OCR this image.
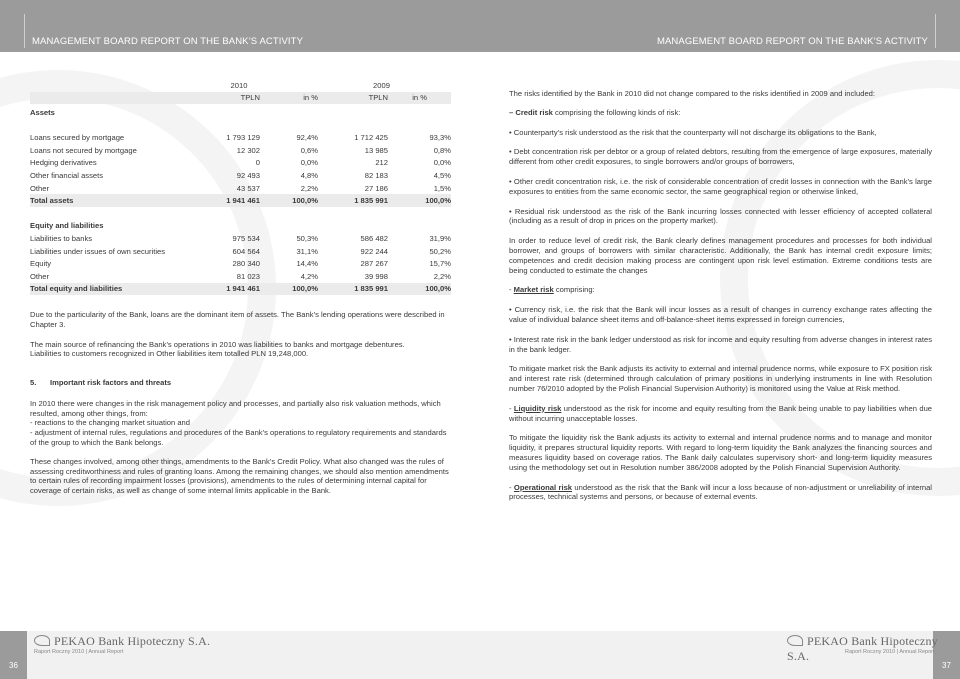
MANAGEMENT BOARD REPORT ON THE BANK’S ACTIVITY	MANAGEMENT BOARD REPORT ON THE BANK’S ACTIVITY
	2010		2009	
	TPLN	in %	TPLN	in %
Assets				

Loans secured by mortgage	1 793 129	92,4%	1 712 425	93,3%
Loans not secured by mortgage	12 302	0,6%	13 985	0,8%
Hedging derivatives	0	0,0%	212	0,0%
Other financial assets	92 493	4,8%	82 183	4,5%
Other	43 537	2,2%	27 186	1,5%
Total assets	1 941 461	100,0%	1 835 991	100,0%

Equity and liabilities				
Liabilities to banks	975 534	50,3%	586 482	31,9%
Liabilities under issues of own securities	604 564	31,1%	922 244	50,2%
Equity	280 340	14,4%	287 267	15,7%
Other	81 023	4,2%	39 998	2,2%
Total equity and liabilities	1 941 461	100,0%	1 835 991	100,0%

Due to the particularity of the Bank, loans are the dominant item of assets. The Bank’s lending operations were described in Chapter 3.

The main source of refinancing the Bank’s operations in 2010 was liabilities to banks and mortgage debentures.

Liabilities to customers recognized in Other liabilities item totalled PLN 19,248,000.

5. Important risk factors and threats

In 2010 there were changes in the risk management policy and processes, and partially also risk valuation methods, which resulted, among other things, from:

- reactions to the changing market situation and

- adjustment of internal rules, regulations and procedures of the Bank’s operations to regulatory requirements and standards of the group to which the Bank belongs.

These changes involved, among other things, amendments to the Bank’s Credit Policy. What also changed was the rules of assessing creditworthiness and rules of granting loans. Among the remaining changes, we should also mention amendments to certain rules of recording impairment losses (provisions), amendments to the rules of determining internal capital for coverage of certain risks, as well as change of some internal limits applicable in the Bank.

The risks identified by the Bank in 2010 did not change compared to the risks identified in 2009 and included:

– Credit risk comprising the following kinds of risk:

• Counterparty’s risk understood as the risk that the counterparty will not discharge its obligations to the Bank,

• Debt concentration risk per debtor or a group of related debtors, resulting from the emergence of large exposures, materially different from other credit exposures, to single borrowers and/or groups of borrowers,

• Other credit concentration risk, i.e. the risk of considerable concentration of credit losses in connection with the Bank’s large exposures to entities from the same economic sector, the same geographical region or otherwise linked,

• Residual risk understood as the risk of the Bank incurring losses connected with lesser efficiency of accepted collateral (including as a result of drop in prices on the property market).

In order to reduce level of credit risk, the Bank clearly defines management procedures and processes for both individual borrower, and groups of borrowers with similar characteristic. Additionally, the Bank has internal credit exposure limits; competences and credit decision making process are contingent upon risk level estimation. Extreme conditions tests are being conducted to estimate the changes

- Market risk comprising:

• Currency risk, i.e. the risk that the Bank will incur losses as a result of changes in currency exchange rates affecting the value of individual balance sheet items and off-balance-sheet items expressed in foreign currencies,

• Interest rate risk in the bank ledger understood as risk for income and equity resulting from adverse changes in interest rates in the bank ledger.

To mitigate market risk the Bank adjusts its activity to external and internal prudence norms, while exposure to FX position risk and interest rate risk (determined through calculation of primary positions in underlying instruments in line with Resolution number 76/2010 adopted by the Polish Financial Supervision Authority) is monitored using the Value at Risk method.

- Liquidity risk understood as the risk for income and equity resulting from the Bank being unable to pay liabilities when due without incurring unacceptable losses.

To mitigate the liquidity risk the Bank adjusts its activity to external and internal prudence norms and to manage and monitor liquidity, it prepares structural liquidity reports. With regard to long-term liquidity the Bank analyzes the financing sources and measures liquidity based on coverage ratios. The Bank daily calculates supervisory short- and long-term liquidity measures using the methodology set out in Resolution number 386/2008 adopted by the Polish Financial Supervision Authority.

- Operational risk understood as the risk that the Bank will incur a loss because of non-adjustment or unreliability of internal processes, technical systems and persons, or because of external events.

36	37
PEKAO Bank Hipoteczny S.A.
Raport Roczny 2010 | Annual Report
PEKAO Bank Hipoteczny S.A.	Raport Roczny 2010 | Annual Report
